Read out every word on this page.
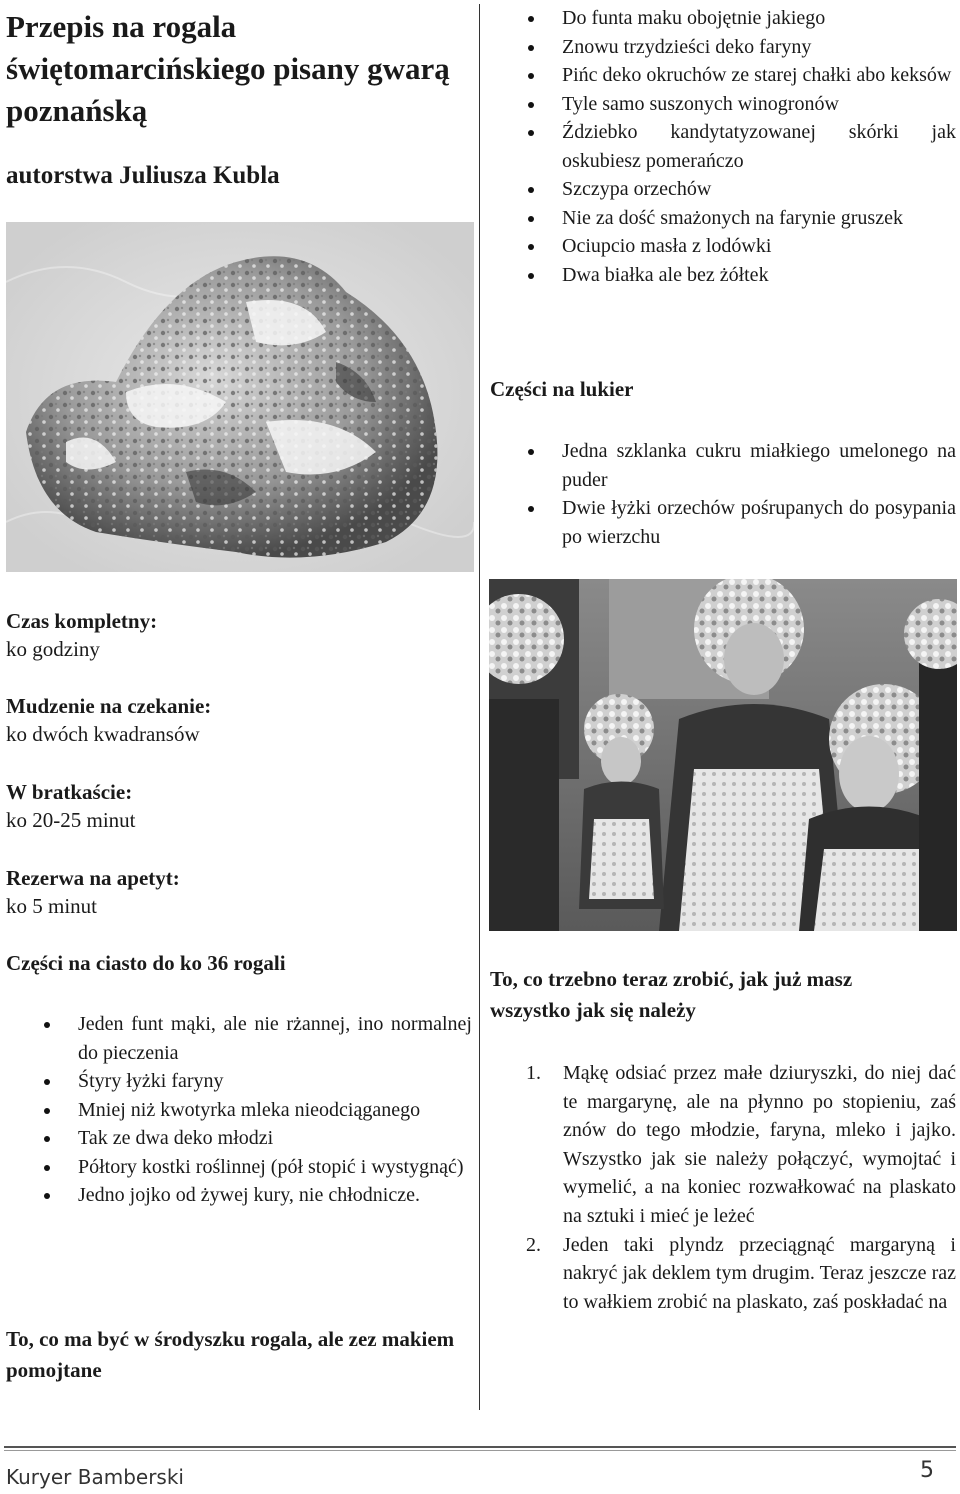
Przepis na rogala świętomarcińskiego pisany gwarą poznańską

autorstwa Juliusza Kubla

Do funta maku obojętnie jakiego
Znowu trzydzieści deko faryny
Pińc deko okruchów ze starej chałki abo keksów
Tyle samo suszonych winogronów
Ździebko kandytatyzowanej skórki jak oskubiesz pomerańczo
Szczypa orzechów
Nie za dość smażonych na farynie gruszek
Ociupcio masła z lodówki
Dwa białka ale bez żółtek
Części na lukier
Jedna szklanka cukru miałkiego umelonego na puder
Dwie łyżki orzechów pośrupanych do posypania po wierzchu
Czas kompletny:
ko godziny
Mudzenie na czekanie:
ko dwóch kwadransów
W bratkaście:
ko 20-25 minut
Rezerwa na apetyt:
ko 5 minut
Części na ciasto do ko 36 rogali
Jeden funt mąki, ale nie rżannej, ino normalnej do pieczenia
Śtyry łyżki faryny
Mniej niż kwotyrka mleka nieodciąganego
Tak ze dwa deko młodzi
Półtory kostki roślinnej (pół stopić i wystygnąć)
Jedno jojko od żywej kury, nie chłodnicze.
To, co ma być w środyszku rogala, ale zez makiem pomojtane
To, co trzebno teraz zrobić, jak już masz wszystko jak się należy
1. Mąkę odsiać przez małe dziuryszki, do niej dać te margarynę, ale na płynno po stopieniu, zaś znów do tego młodzie, faryna, mleko i jajko. Wszystko jak sie należy połączyć, wymojtać i wymelić, a na koniec rozwałkować na plaskato na sztuki i mieć je leżeć
2. Jeden taki plyndz przeciągnąć margaryną i nakryć jak deklem tym drugim. Teraz jeszcze raz to wałkiem zrobić na plaskato, zaś poskładać na
Kuryer Bamberski	5
